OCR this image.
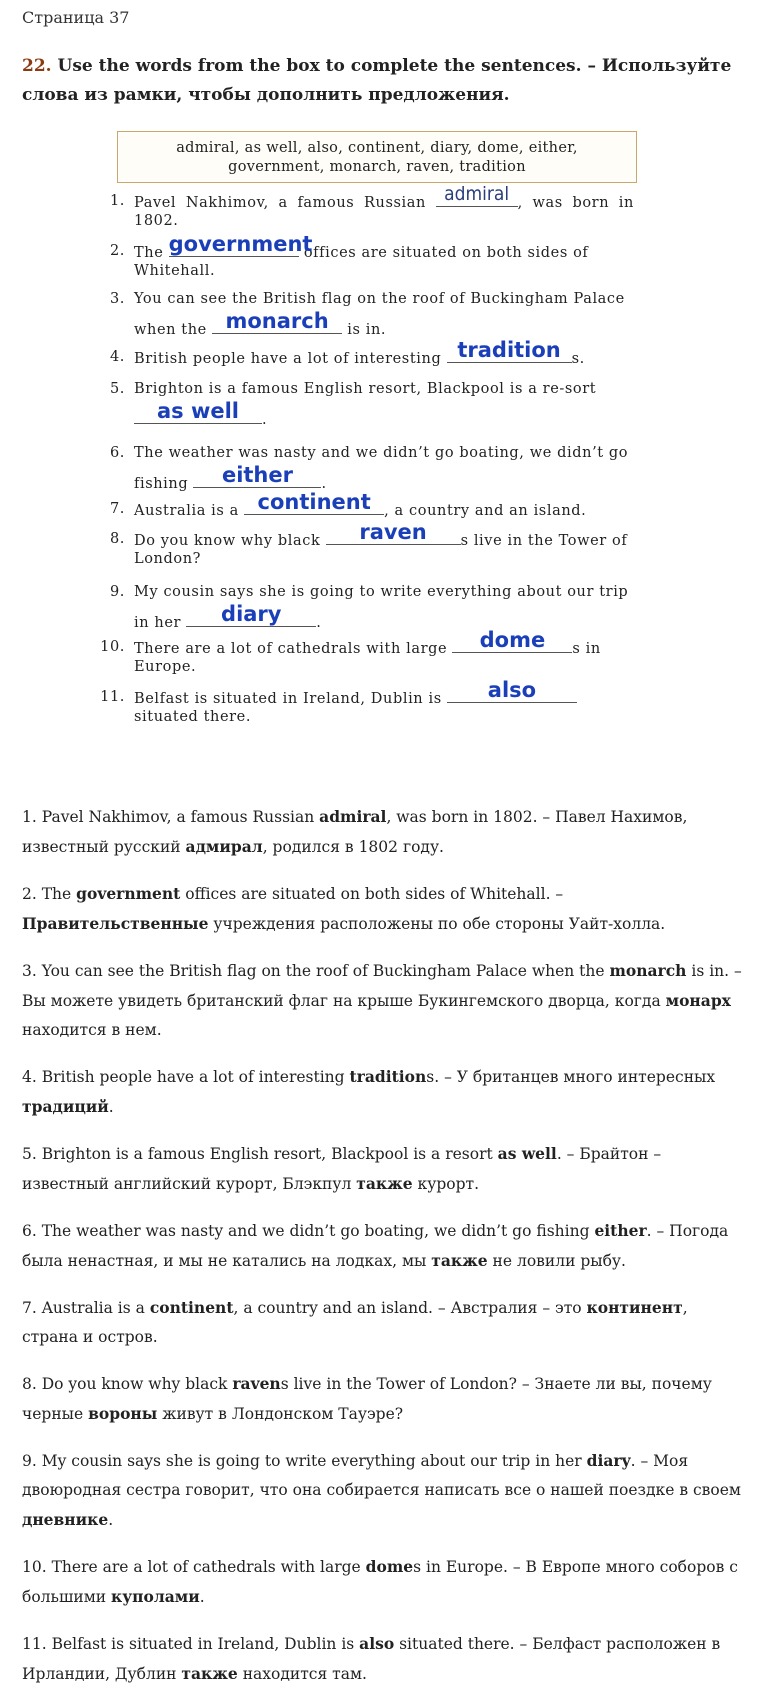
Страница 37
22. Use the words from the box to complete the sentences. – Используйте слова из рамки, чтобы дополнить предложения.
admiral, as well, also, continent, diary, dome, either,
government, monarch, raven, tradition
1. Pavel Nakhimov, a famous Russian admiral , was born in 1802.
2. The government
offices are situated on both sides of Whitehall.
3. You can see the British flag on the roof of Buckingham Palace when the monarch	is in.
4. British people have a lot of interesting tradition s.
5. Brighton is a famous English resort, Blackpool is a re-sort
as well	.
6. The weather was nasty and we didn’t go boating, we didn’t go fishing	either	.
7. Australia is a continent , a country and an island.
8. Do you know why black	raven	s live in the Tower of London?
9. My cousin says she is going to write everything about our trip in her	diary	.
10. There are a lot of cathedrals with large	dome	s in Europe.
11. Belfast is situated in Ireland, Dublin is	also
situated there.

1. Pavel Nakhimov, a famous Russian admiral, was born in 1802. – Павел Нахимов, известный русский адмирал, родился в 1802 году.

2. The government offices are situated on both sides of Whitehall. – Правительственные учреждения расположены по обе стороны Уайт-холла.

3. You can see the British flag on the roof of Buckingham Palace when the monarch is in. – Вы можете увидеть британский флаг на крыше Букингемского дворца, когда монарх находится в нем.

4. British people have a lot of interesting traditions. – У британцев много интересных традиций.

5. Brighton is a famous English resort, Blackpool is a resort as well. – Брайтон – известный английский курорт, Блэкпул также курорт.

6. The weather was nasty and we didn’t go boating, we didn’t go fishing either. – Погода была ненастная, и мы не катались на лодках, мы также не ловили рыбу.

7. Australia is a continent, a country and an island. – Австралия – это континент, страна и остров.

8. Do you know why black ravens live in the Tower of London? – Знаете ли вы, почему черные вороны живут в Лондонском Тауэре?

9. My cousin says she is going to write everything about our trip in her diary. – Моя двоюродная сестра говорит, что она собирается написать все о нашей поездке в своем дневнике.

10. There are a lot of cathedrals with large domes in Europe. – В Европе много соборов с большими куполами.

11. Belfast is situated in Ireland, Dublin is also situated there. – Белфаст расположен в Ирландии, Дублин также находится там.
